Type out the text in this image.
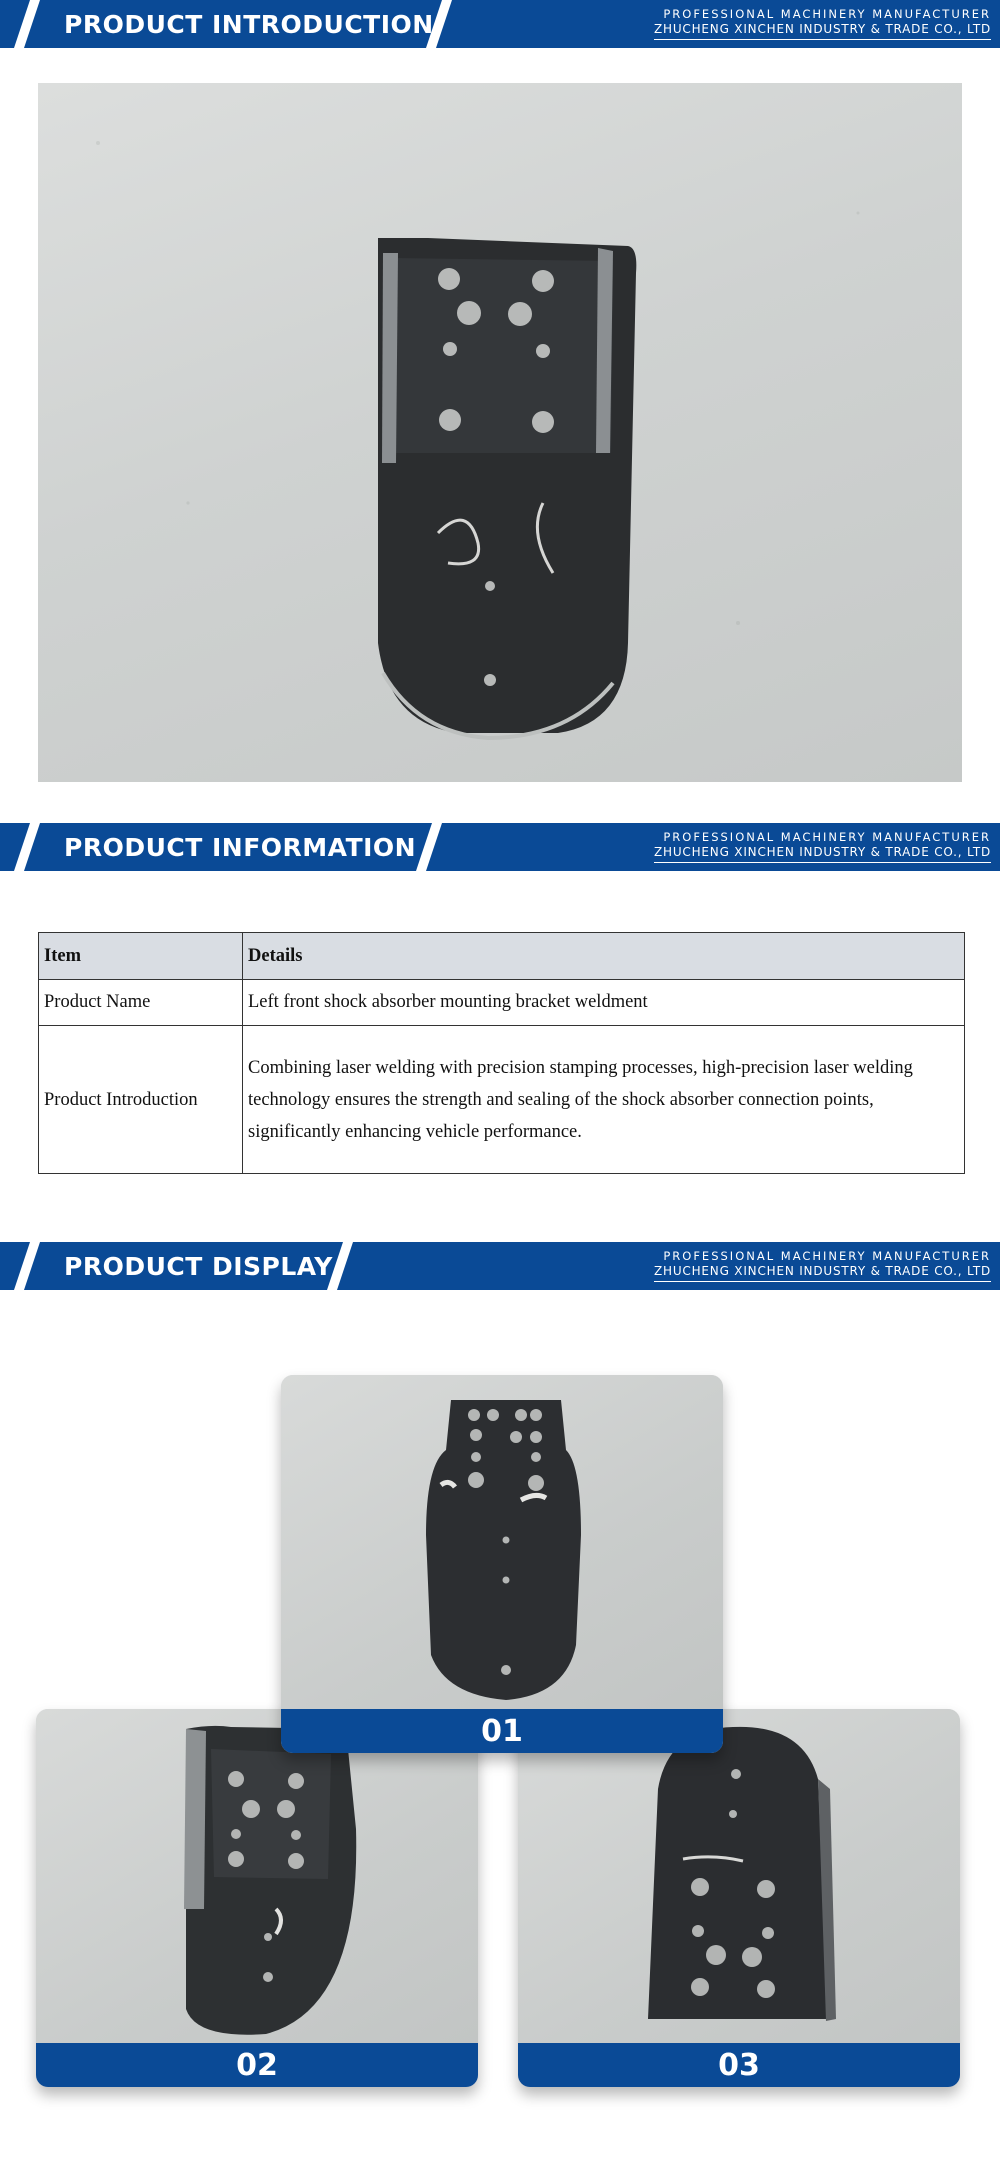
PRODUCT INTRODUCTION	PROFESSIONAL MACHINERY MANUFACTURER
ZHUCHENG XINCHEN INDUSTRY & TRADE CO., LTD
PRODUCT INFORMATION	PROFESSIONAL MACHINERY MANUFACTURER
ZHUCHENG XINCHEN INDUSTRY & TRADE CO., LTD
Item	Details
Product Name	Left front shock absorber mounting bracket weldment
Product Introduction	Combining laser welding with precision stamping processes, high-precision laser welding technology ensures the strength and sealing of the shock absorber connection points, significantly enhancing vehicle performance.
PRODUCT DISPLAY	PROFESSIONAL MACHINERY MANUFACTURER
ZHUCHENG XINCHEN INDUSTRY & TRADE CO., LTD
02	03
01
